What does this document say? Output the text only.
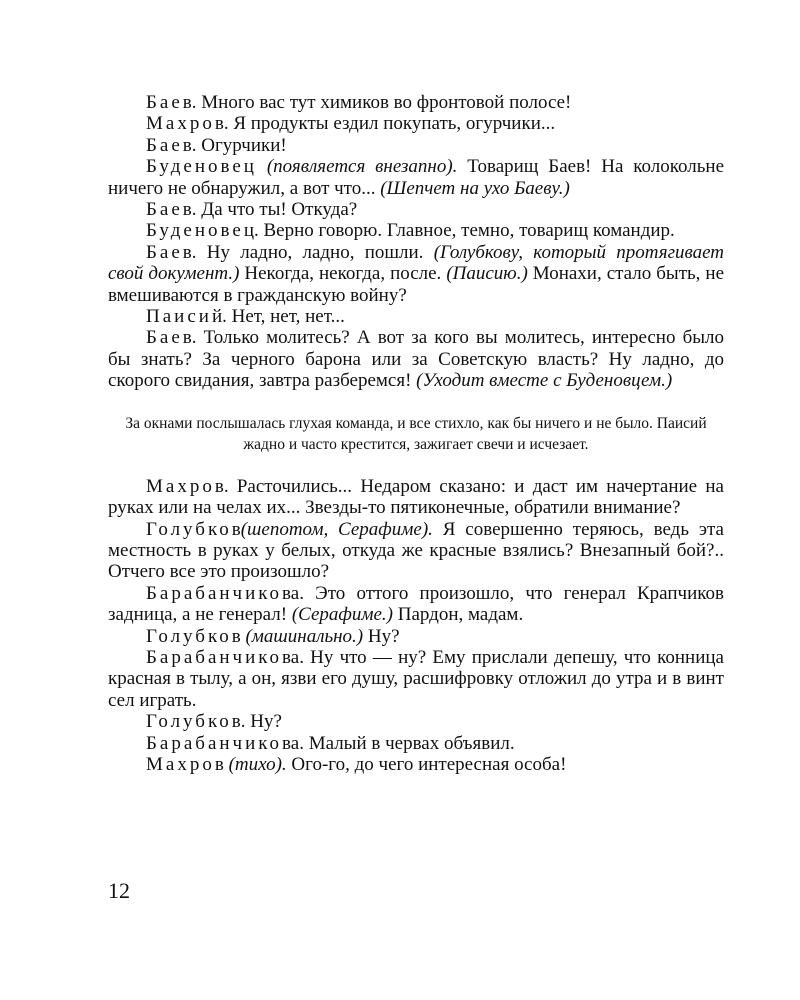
Баев. Много вас тут химиков во фронтовой полосе!

Махров. Я продукты ездил покупать, огурчики...

Баев. Огурчики!

Буденовец (появляется внезапно). Товарищ Баев! На колокольне ничего не обнаружил, а вот что... (Шепчет на ухо Баеву.)

Баев. Да что ты! Откуда?

Буденовец. Верно говорю. Главное, темно, товарищ командир.

Баев. Ну ладно, ладно, пошли. (Голубкову, который протягивает свой документ.) Некогда, некогда, после. (Паисию.) Монахи, стало быть, не вмешиваются в гражданскую войну?

Паисий. Нет, нет, нет...

Баев. Только молитесь? А вот за кого вы молитесь, интересно было бы знать? За черного барона или за Советскую власть? Ну ладно, до скорого свидания, завтра разберемся! (Уходит вместе с Буденовцем.)

За окнами послышалась глухая команда, и все стихло, как бы ничего и не было. Паисий жадно и часто крестится, зажигает свечи и исчезает.

Махров. Расточились... Недаром сказано: и даст им начертание на руках или на челах их... Звезды-то пятиконечные, обратили внимание?

Голубков(шепотом, Серафиме). Я совершенно теряюсь, ведь эта местность в руках у белых, откуда же красные взялись? Внезапный бой?.. Отчего все это произошло?

Барабанчикова. Это оттого произошло, что генерал Крапчиков задница, а не генерал! (Серафиме.) Пардон, мадам.

Голубков (машинально.) Ну?

Барабанчикова. Ну что — ну? Ему прислали депешу, что конница красная в тылу, а он, язви его душу, расшифровку отложил до утра и в винт сел играть.

Голубков. Ну?

Барабанчикова. Малый в червах объявил.

Махров (тихо). Ого-го, до чего интересная особа!

12
